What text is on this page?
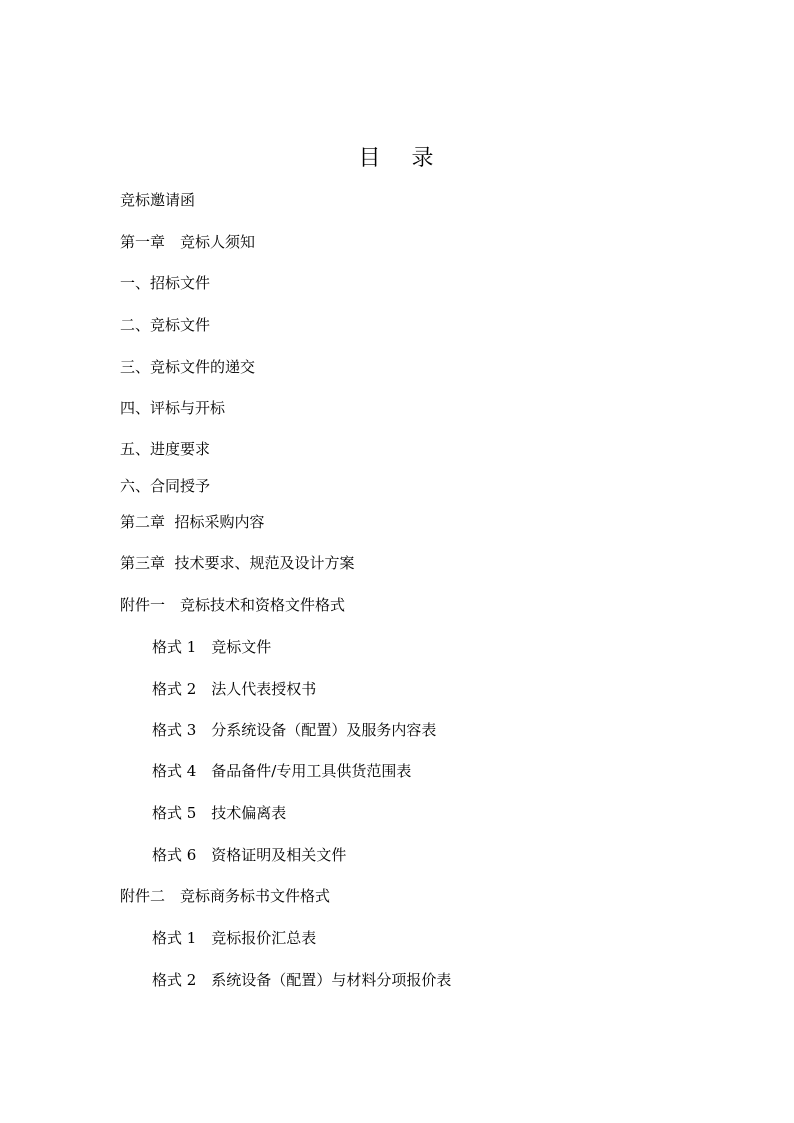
目 录
竞标邀请函
第一章　竞标人须知
一、招标文件
二、竞标文件
三、竞标文件的递交
四、评标与开标
五、进度要求
六、合同授予
第二章  招标采购内容
第三章  技术要求、规范及设计方案
附件一　竞标技术和资格文件格式
格式 1　竞标文件
格式 2　法人代表授权书
格式 3　分系统设备（配置）及服务内容表
格式 4　备品备件/专用工具供货范围表
格式 5　技术偏离表
格式 6　资格证明及相关文件
附件二　竞标商务标书文件格式
格式 1　竞标报价汇总表
格式 2　系统设备（配置）与材料分项报价表
